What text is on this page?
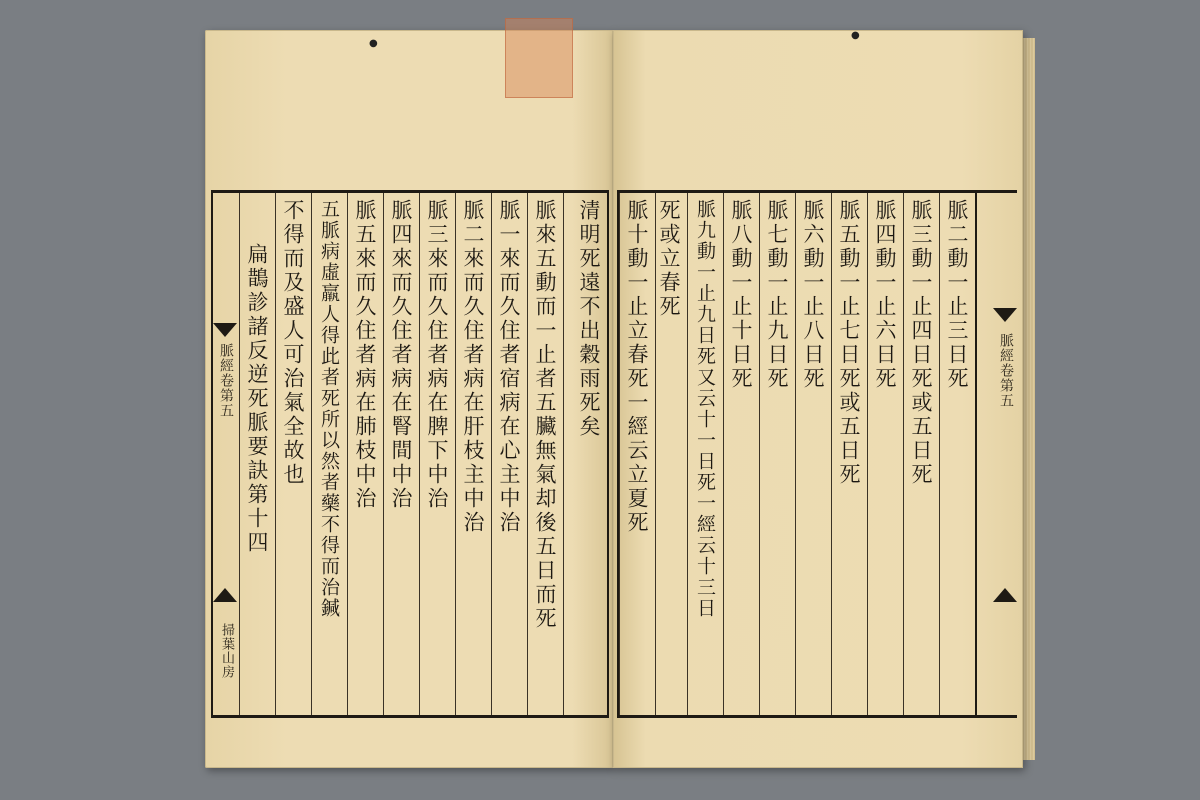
●
清明死遠不出穀雨死矣
脈來五動而一止者五臟無氣却後五日而死
脈一來而久住者宿病在心主中治
脈二來而久住者病在肝枝主中治
脈三來而久住者病在脾下中治
脈四來而久住者病在腎間中治
脈五來而久住者病在肺枝中治
五脈病虛羸人得此者死所以然者藥不得而治鍼
不得而及盛人可治氣全故也
扁鵲診諸反逆死脈要訣第十四
脈經卷第五
掃葉山房
●
脈經卷第五
脈二動一止三日死
脈三動一止四日死或五日死
脈四動一止六日死
脈五動一止七日死或五日死
脈六動一止八日死
脈七動一止九日死
脈八動一止十日死
脈九動一止九日死又云十一日死一經云十三日
死或立春死
脈十動一止立春死一經云立夏死
